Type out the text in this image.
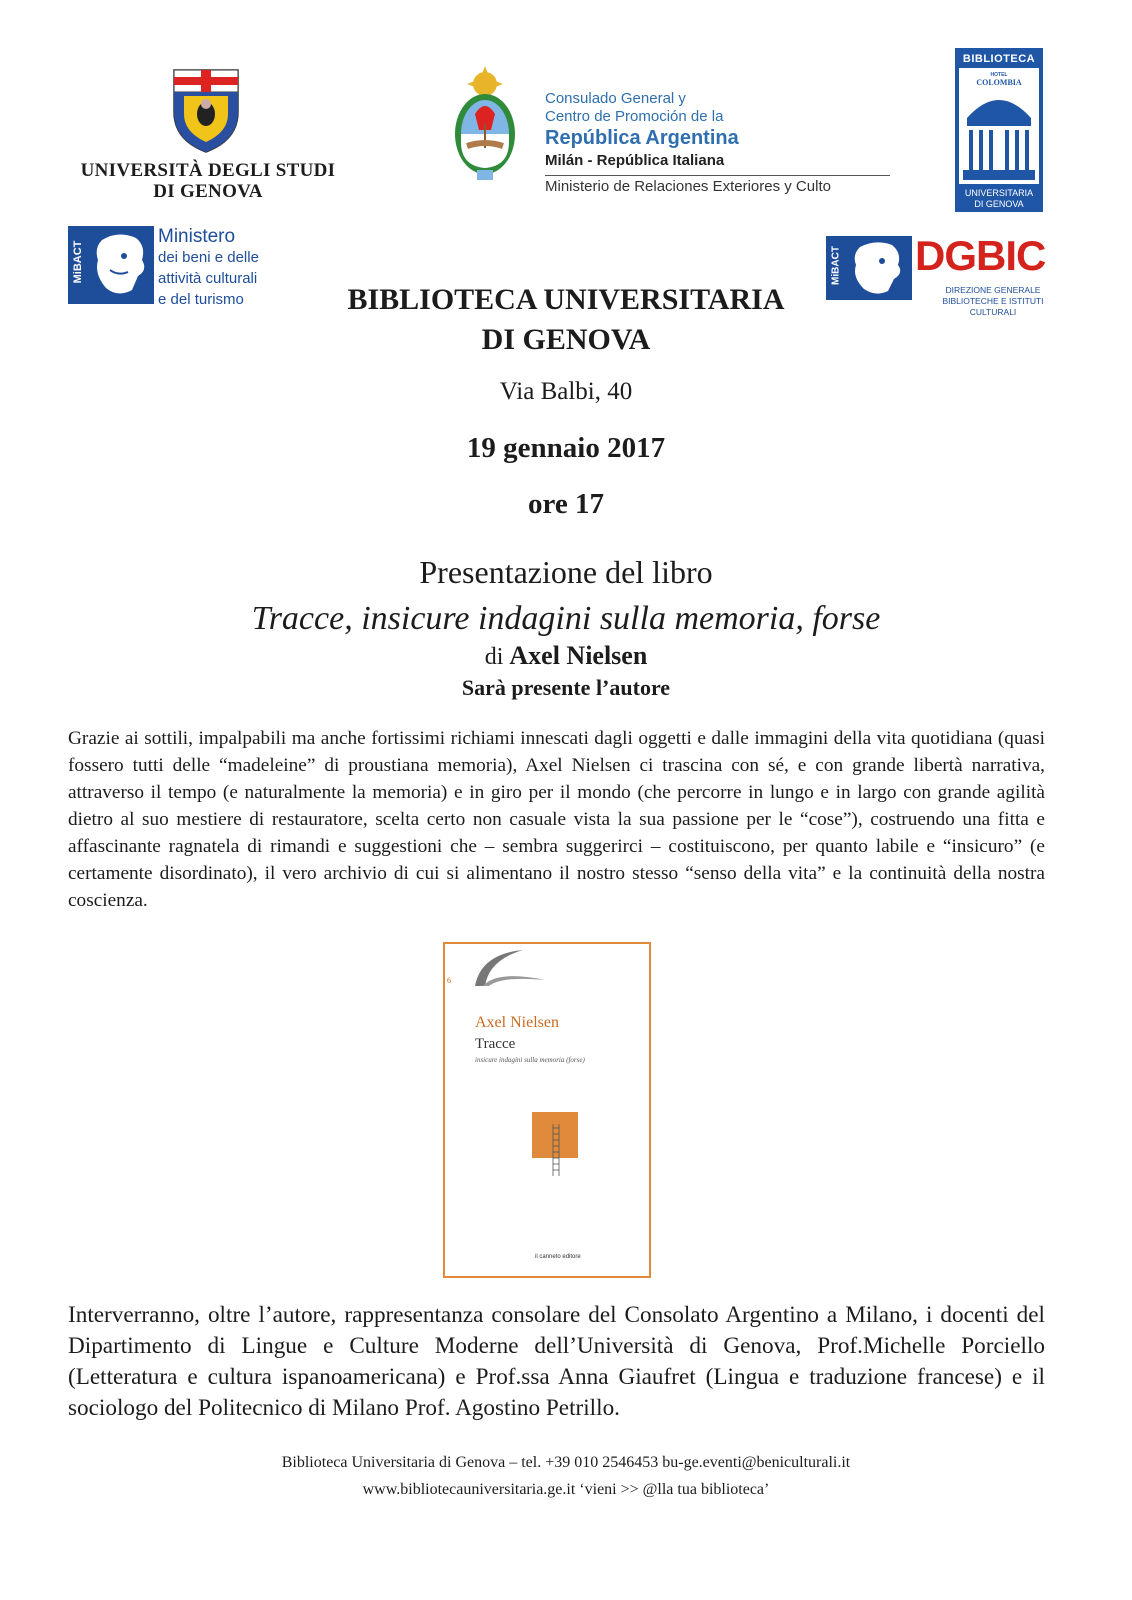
UNIVERSITÀ DEGLI STUDI
DI GENOVA
Consulado General y
Centro de Promoción de la
República Argentina
Milán - República Italiana
Ministerio de Relaciones Exteriores y Culto
BIBLIOTECA
HOTEL
COLOMBIA
UNIVERSITARIA
DI GENOVA
MiBACT
Ministero
dei beni e delle
attività culturali
e del turismo
MiBACT DGBIC
DIREZIONE GENERALE
BIBLIOTECHE E ISTITUTI CULTURALI
BIBLIOTECA UNIVERSITARIA
DI GENOVA
Via Balbi, 40
19 gennaio 2017
ore 17
Presentazione del libro
Tracce, insicure indagini sulla memoria, forse
di Axel Nielsen
Sarà presente l’autore
Grazie ai sottili, impalpabili ma anche fortissimi richiami innescati dagli oggetti e dalle immagini della vita quotidiana (quasi fossero tutti delle “madeleine” di proustiana memoria), Axel Nielsen ci trascina con sé, e con grande libertà narrativa, attraverso il tempo (e naturalmente la memoria) e in giro per il mondo (che percorre in lungo e in largo con grande agilità dietro al suo mestiere di restauratore, scelta certo non casuale vista la sua passione per le “cose”), costruendo una fitta e affascinante ragnatela di rimandi e suggestioni che – sembra suggerirci – costituiscono, per quanto labile e “insicuro” (e certamente disordinato), il vero archivio di cui si alimentano il nostro stesso “senso della vita” e la continuità della nostra coscienza.
6
Axel Nielsen
Tracce
insicure indagini sulla memoria (forse)
il canneto editore
Interverranno, oltre l’autore, rappresentanza consolare del Consolato Argentino a Milano, i docenti del Dipartimento di Lingue e Culture Moderne dell’Università di Genova, Prof.Michelle Porciello (Letteratura e cultura ispanoamericana) e Prof.ssa Anna Giaufret (Lingua e traduzione francese) e il sociologo del Politecnico di Milano Prof. Agostino Petrillo.
Biblioteca Universitaria di Genova – tel. +39 010 2546453 bu-ge.eventi@beniculturali.it
www.bibliotecauniversitaria.ge.it ‘vieni >> @lla tua biblioteca’
